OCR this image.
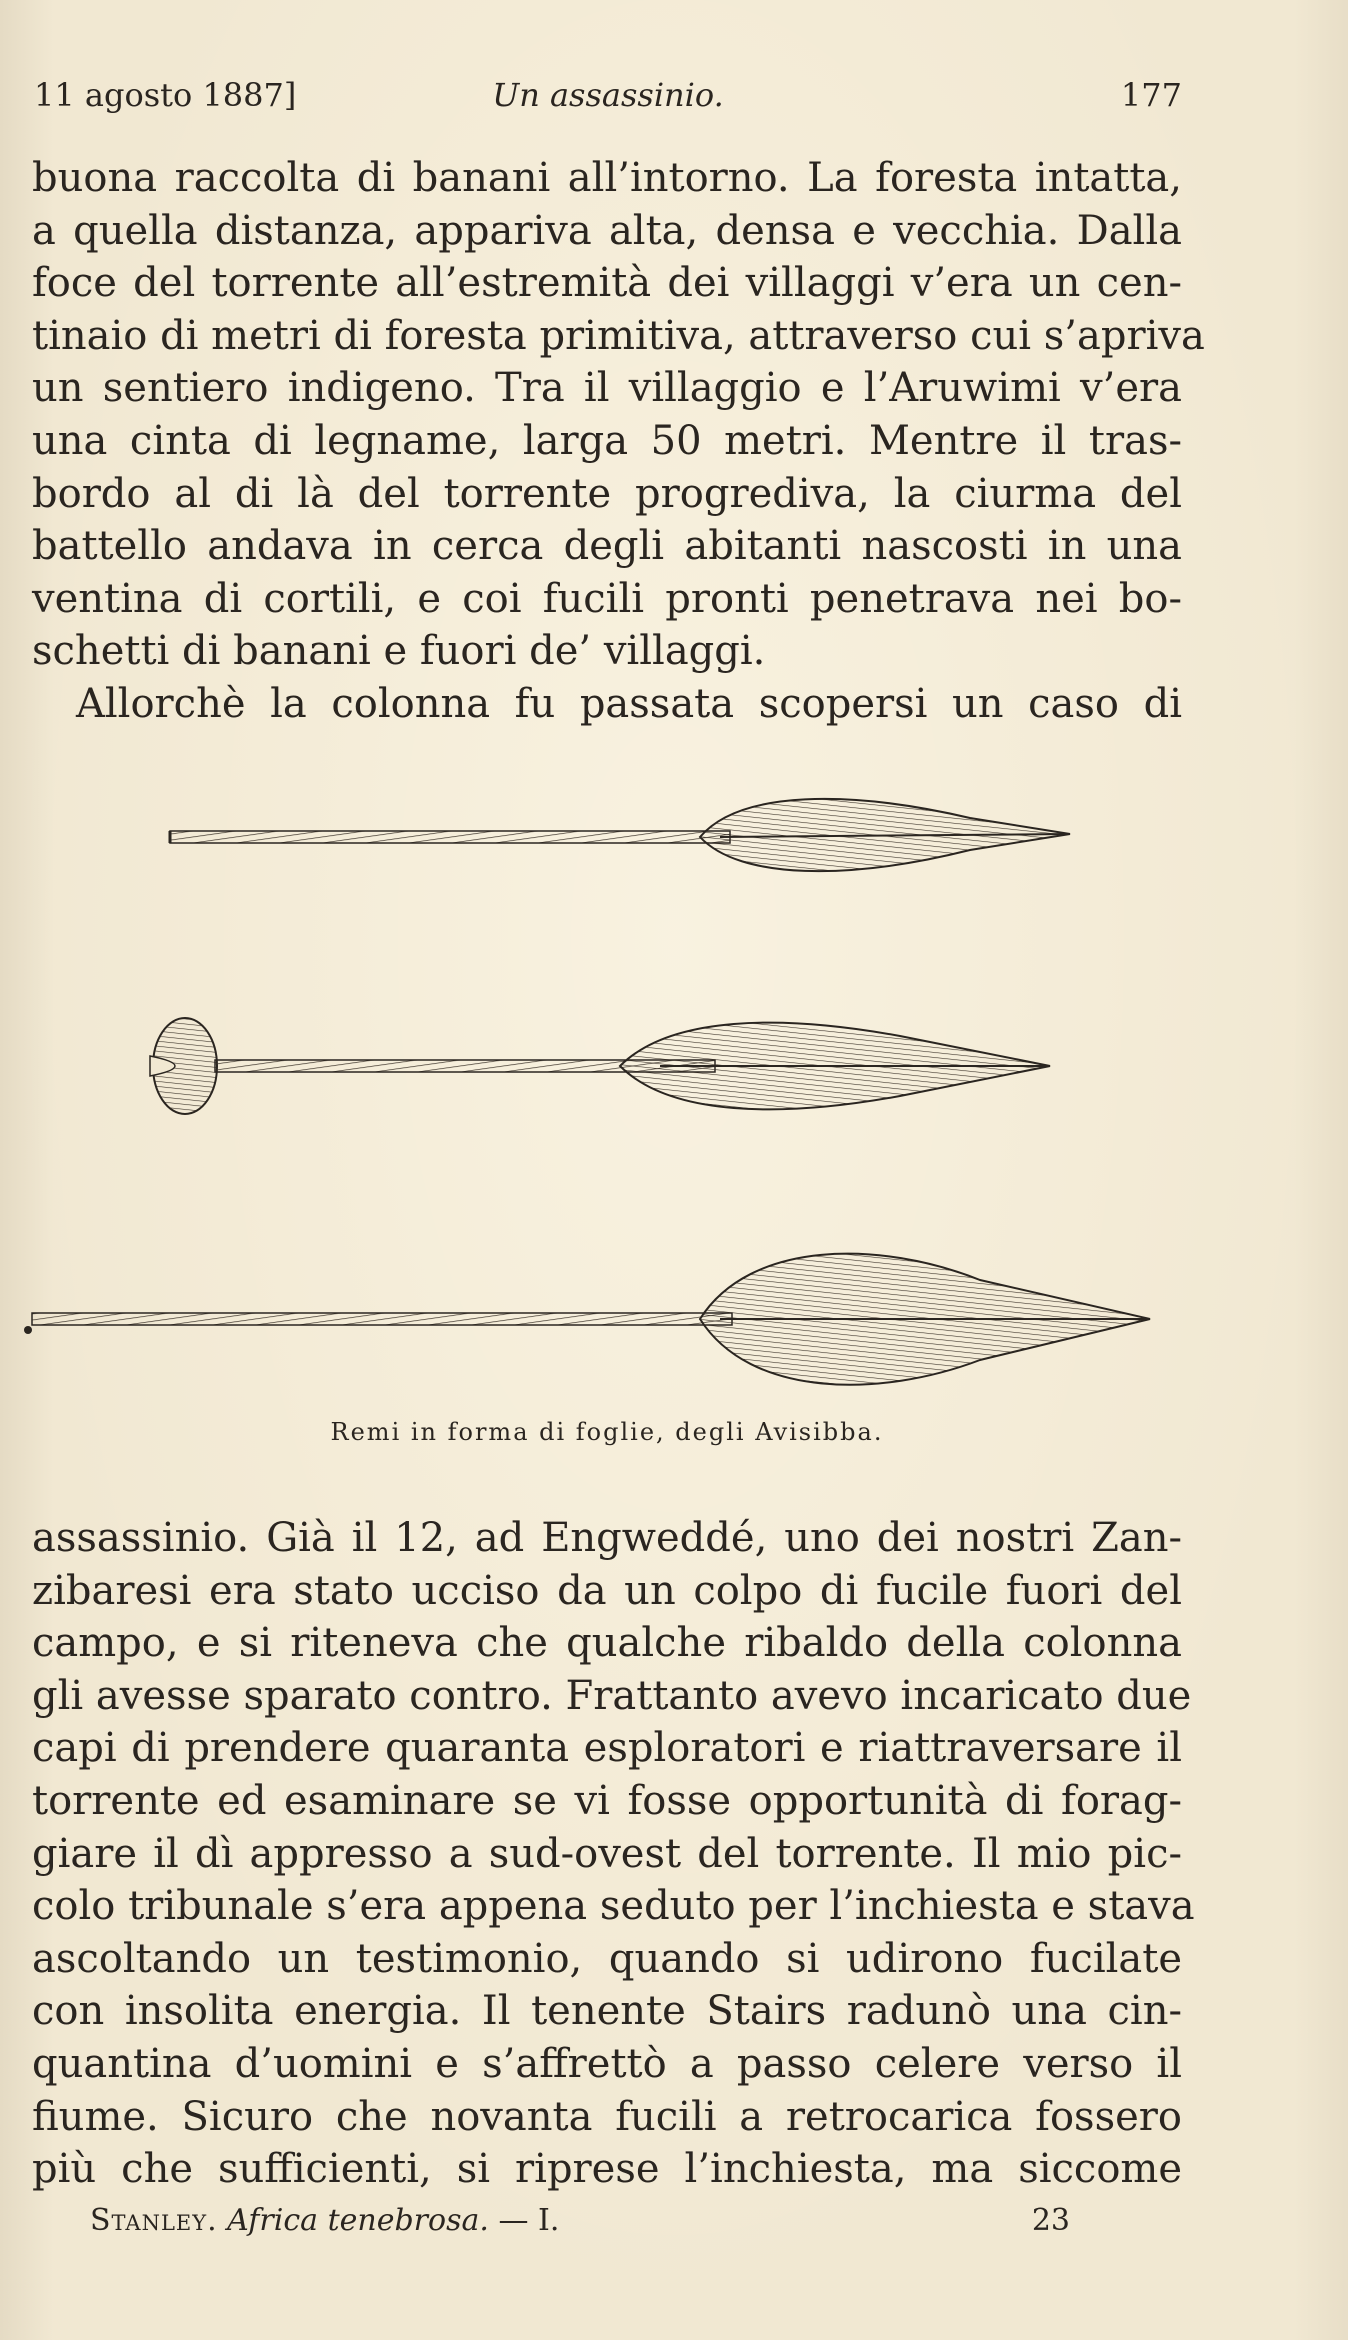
11 agosto 1887]	Un assassinio.	177
buona raccolta di banani all’intorno. La foresta intatta,
a quella distanza, appariva alta, densa e vecchia. Dalla
foce del torrente all’estremità dei villaggi v’era un cen-
tinaio di metri di foresta primitiva, attraverso cui s’apriva
un sentiero indigeno. Tra il villaggio e l’Aruwimi v’era
una cinta di legname, larga 50 metri. Mentre il tras-
bordo al di là del torrente progrediva, la ciurma del
battello andava in cerca degli abitanti nascosti in una
ventina di cortili, e coi fucili pronti penetrava nei bo-
schetti di banani e fuori de’ villaggi.
Allorchè la colonna fu passata scopersi un caso di
Remi in forma di foglie, degli Avisibba.
assassinio. Già il 12, ad Engweddé, uno dei nostri Zan-
zibaresi era stato ucciso da un colpo di fucile fuori del
campo, e si riteneva che qualche ribaldo della colonna
gli avesse sparato contro. Frattanto avevo incaricato due
capi di prendere quaranta esploratori e riattraversare il
torrente ed esaminare se vi fosse opportunità di forag-
giare il dì appresso a sud-ovest del torrente. Il mio pic-
colo tribunale s’era appena seduto per l’inchiesta e stava
ascoltando un testimonio, quando si udirono fucilate
con insolita energia. Il tenente Stairs radunò una cin-
quantina d’uomini e s’affrettò a passo celere verso il
fiume. Sicuro che novanta fucili a retrocarica fossero
più che sufficienti, si riprese l’inchiesta, ma siccome
Stanley. Africa tenebrosa. — I.	23
